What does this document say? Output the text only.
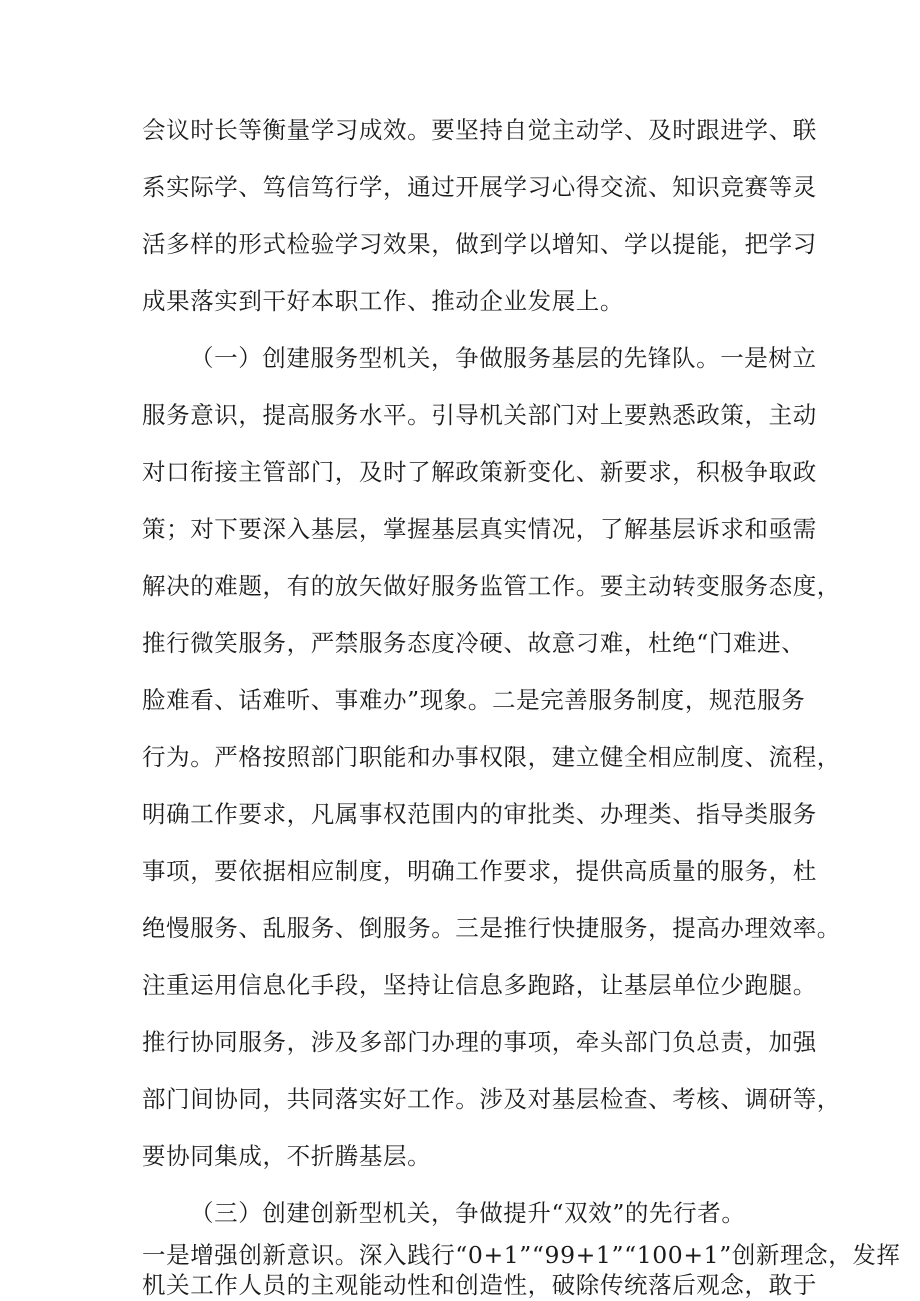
会议时长等衡量学习成效。要坚持自觉主动学、及时跟进学、联
系实际学、笃信笃行学，通过开展学习心得交流、知识竞赛等灵
活多样的形式检验学习效果，做到学以增知、学以提能，把学习
成果落实到干好本职工作、推动企业发展上。
（一）创建服务型机关，争做服务基层的先锋队。一是树立
服务意识，提高服务水平。引导机关部门对上要熟悉政策，主动
对口衔接主管部门，及时了解政策新变化、新要求，积极争取政
策；对下要深入基层，掌握基层真实情况，了解基层诉求和亟需
解决的难题，有的放矢做好服务监管工作。要主动转变服务态度，
推行微笑服务，严禁服务态度冷硬、故意刁难，杜绝“门难进、
脸难看、话难听、事难办”现象。二是完善服务制度，规范服务
行为。严格按照部门职能和办事权限，建立健全相应制度、流程，
明确工作要求，凡属事权范围内的审批类、办理类、指导类服务
事项，要依据相应制度，明确工作要求，提供高质量的服务，杜
绝慢服务、乱服务、倒服务。三是推行快捷服务，提高办理效率。
注重运用信息化手段，坚持让信息多跑路，让基层单位少跑腿。
推行协同服务，涉及多部门办理的事项，牵头部门负总责，加强
部门间协同，共同落实好工作。涉及对基层检查、考核、调研等，
要协同集成，不折腾基层。
（三）创建创新型机关，争做提升“双效”的先行者。
一是增强创新意识。深入践行“0+1”“99+1”“100+1”创新理念，发挥
机关工作人员的主观能动性和创造性，破除传统落后观念，敢于
